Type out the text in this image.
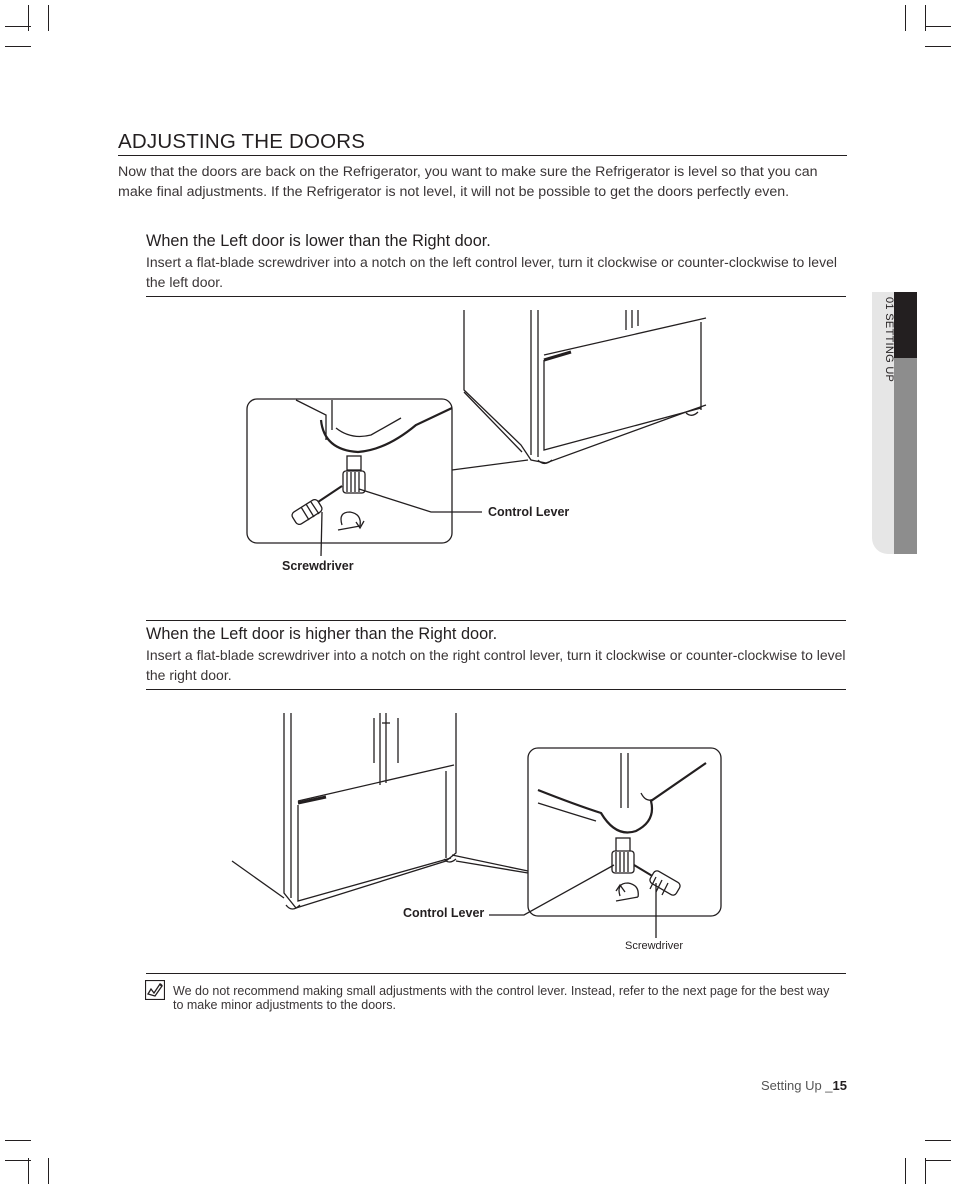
01 SETTING UP
ADJUSTING THE DOORS
Now that the doors are back on the Refrigerator, you want to make sure the Refrigerator is level so that you can make final adjustments. If the Refrigerator is not level, it will not be possible to get the doors perfectly even.
When the Left door is lower than the Right door.
Insert a flat-blade screwdriver into a notch on the left control lever, turn it clockwise or counter-clockwise to level the left door.
Control Lever
Screwdriver
When the Left door is higher than the Right door.
Insert a flat-blade screwdriver into a notch on the right control lever, turn it clockwise or counter-clockwise to level the right door.
Control Lever
Screwdriver
We do not recommend making small adjustments with the control lever. Instead, refer to the next page for the best way to make minor adjustments to the doors.
Setting Up _15
